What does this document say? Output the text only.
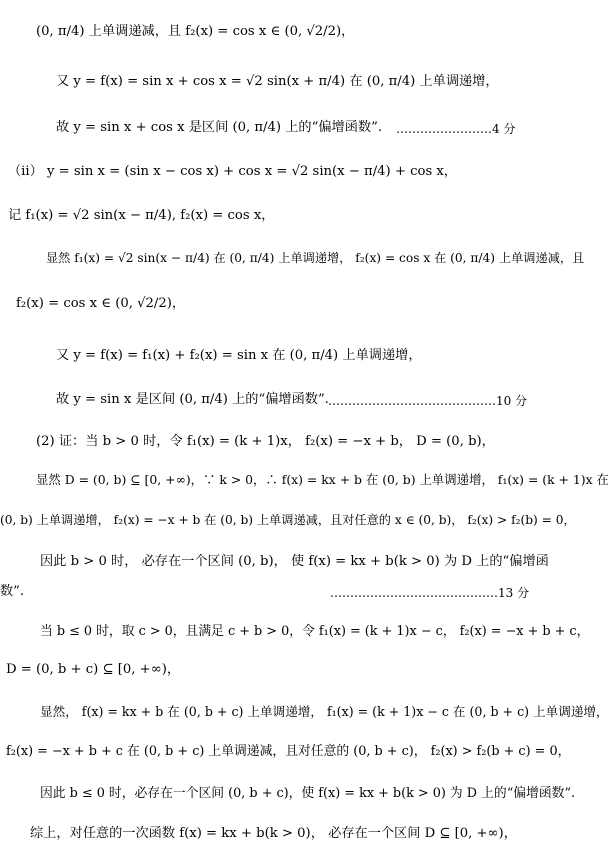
(0, π/4) 上单调递减，且 f₂(x) = cos x ∈ (0, √2/2)，
又 y = f(x) = sin x + cos x = √2 sin(x + π/4) 在 (0, π/4) 上单调递增，
故 y = sin x + cos x 是区间 (0, π/4) 上的“偏增函数”.
（ii） y = sin x = (sin x − cos x) + cos x = √2 sin(x − π/4) + cos x，
记 f₁(x) = √2 sin(x − π/4), f₂(x) = cos x，
显然 f₁(x) = √2 sin(x − π/4) 在 (0, π/4) 上单调递增， f₂(x) = cos x 在 (0, π/4) 上单调递减，且
f₂(x) = cos x ∈ (0, √2/2)，
又 y = f(x) = f₁(x) + f₂(x) = sin x 在 (0, π/4) 上单调递增，
故 y = sin x 是区间 (0, π/4) 上的“偏增函数”.
(2) 证：当 b > 0 时，令 f₁(x) = (k + 1)x， f₂(x) = −x + b， D = (0, b)，
显然 D = (0, b) ⊆ [0, +∞)，∵ k > 0，∴ f(x) = kx + b 在 (0, b) 上单调递增， f₁(x) = (k + 1)x 在
(0, b) 上单调递增， f₂(x) = −x + b 在 (0, b) 上单调递减，且对任意的 x ∈ (0, b)， f₂(x) > f₂(b) = 0，
因此 b > 0 时， 必存在一个区间 (0, b)， 使 f(x) = kx + b(k > 0) 为 D 上的“偏增函
数”.
当 b ≤ 0 时，取 c > 0，且满足 c + b > 0，令 f₁(x) = (k + 1)x − c， f₂(x) = −x + b + c，
D = (0, b + c) ⊆ [0, +∞)，
显然， f(x) = kx + b 在 (0, b + c) 上单调递增， f₁(x) = (k + 1)x − c 在 (0, b + c) 上单调递增，
f₂(x) = −x + b + c 在 (0, b + c) 上单调递减，且对任意的 (0, b + c)， f₂(x) > f₂(b + c) = 0，
因此 b ≤ 0 时，必存在一个区间 (0, b + c)，使 f(x) = kx + b(k > 0) 为 D 上的“偏增函数”.
综上，对任意的一次函数 f(x) = kx + b(k > 0)， 必存在一个区间 D ⊆ [0, +∞)，
……………………4 分
……………………………………10 分
……………………………………13 分
